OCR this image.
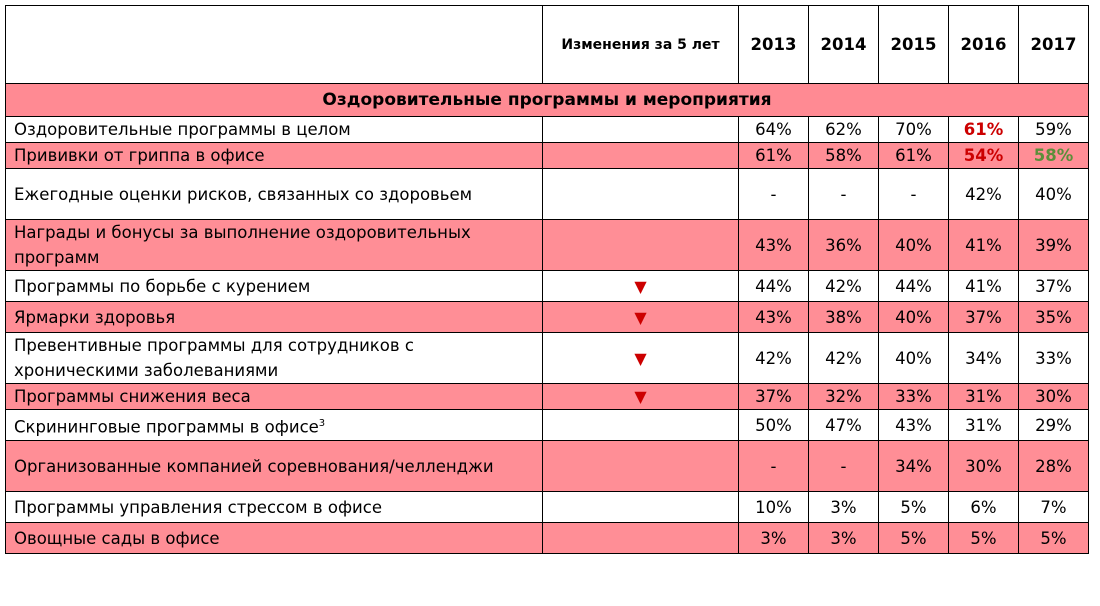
	Изменения за 5 лет	2013	2014	2015	2016	2017
Оздоровительные программы и мероприятия						
Оздоровительные программы в целом		64%	62%	70%	61%	59%
Прививки от гриппа в офисе		61%	58%	61%	54%	58%
Ежегодные оценки рисков, связанных со здоровьем		-	-	-	42%	40%
Награды и бонусы за выполнение оздоровительных программ		43%	36%	40%	41%	39%
Программы по борьбе с курением	▼	44%	42%	44%	41%	37%
Ярмарки здоровья	▼	43%	38%	40%	37%	35%
Превентивные программы для сотрудников с хроническими заболеваниями	▼	42%	42%	40%	34%	33%
Программы снижения веса	▼	37%	32%	33%	31%	30%
Скрининговые программы в офисе$^3$		50%	47%	43%	31%	29%
Организованные компанией соревнования/челленджи		-	-	34%	30%	28%
Программы управления стрессом в офисе		10%	3%	5%	6%	7%
Овощные сады в офисе		3%	3%	5%	5%	5%
